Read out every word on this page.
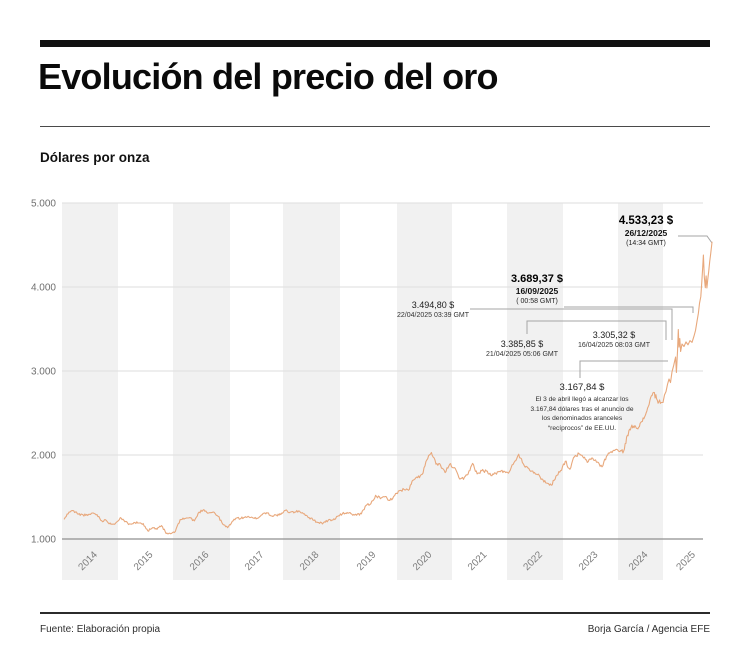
Evolución del precio del oro
Dólares por onza
5.000
4.000
3.000
2.000
1.000
2014	2015	2016	2017	2018	2019	2020	2021	2022	2023	2024 2025
4.533,23 $
26/12/2025
(14:34 GMT)
3.689,37 $
16/09/2025
( 00:58 GMT)
3.494,80 $
22/04/2025 03:39 GMT
3.385,85 $
21/04/2025 05:06 GMT
3.305,32 $
16/04/2025 08:03 GMT
3.167,84 $
El 3 de abril llegó a alcanzar los 3.167,84 dólares tras el anuncio de los denominados aranceles “recíprocos” de EE.UU.
Fuente: Elaboración propia	Borja García / Agencia EFE
